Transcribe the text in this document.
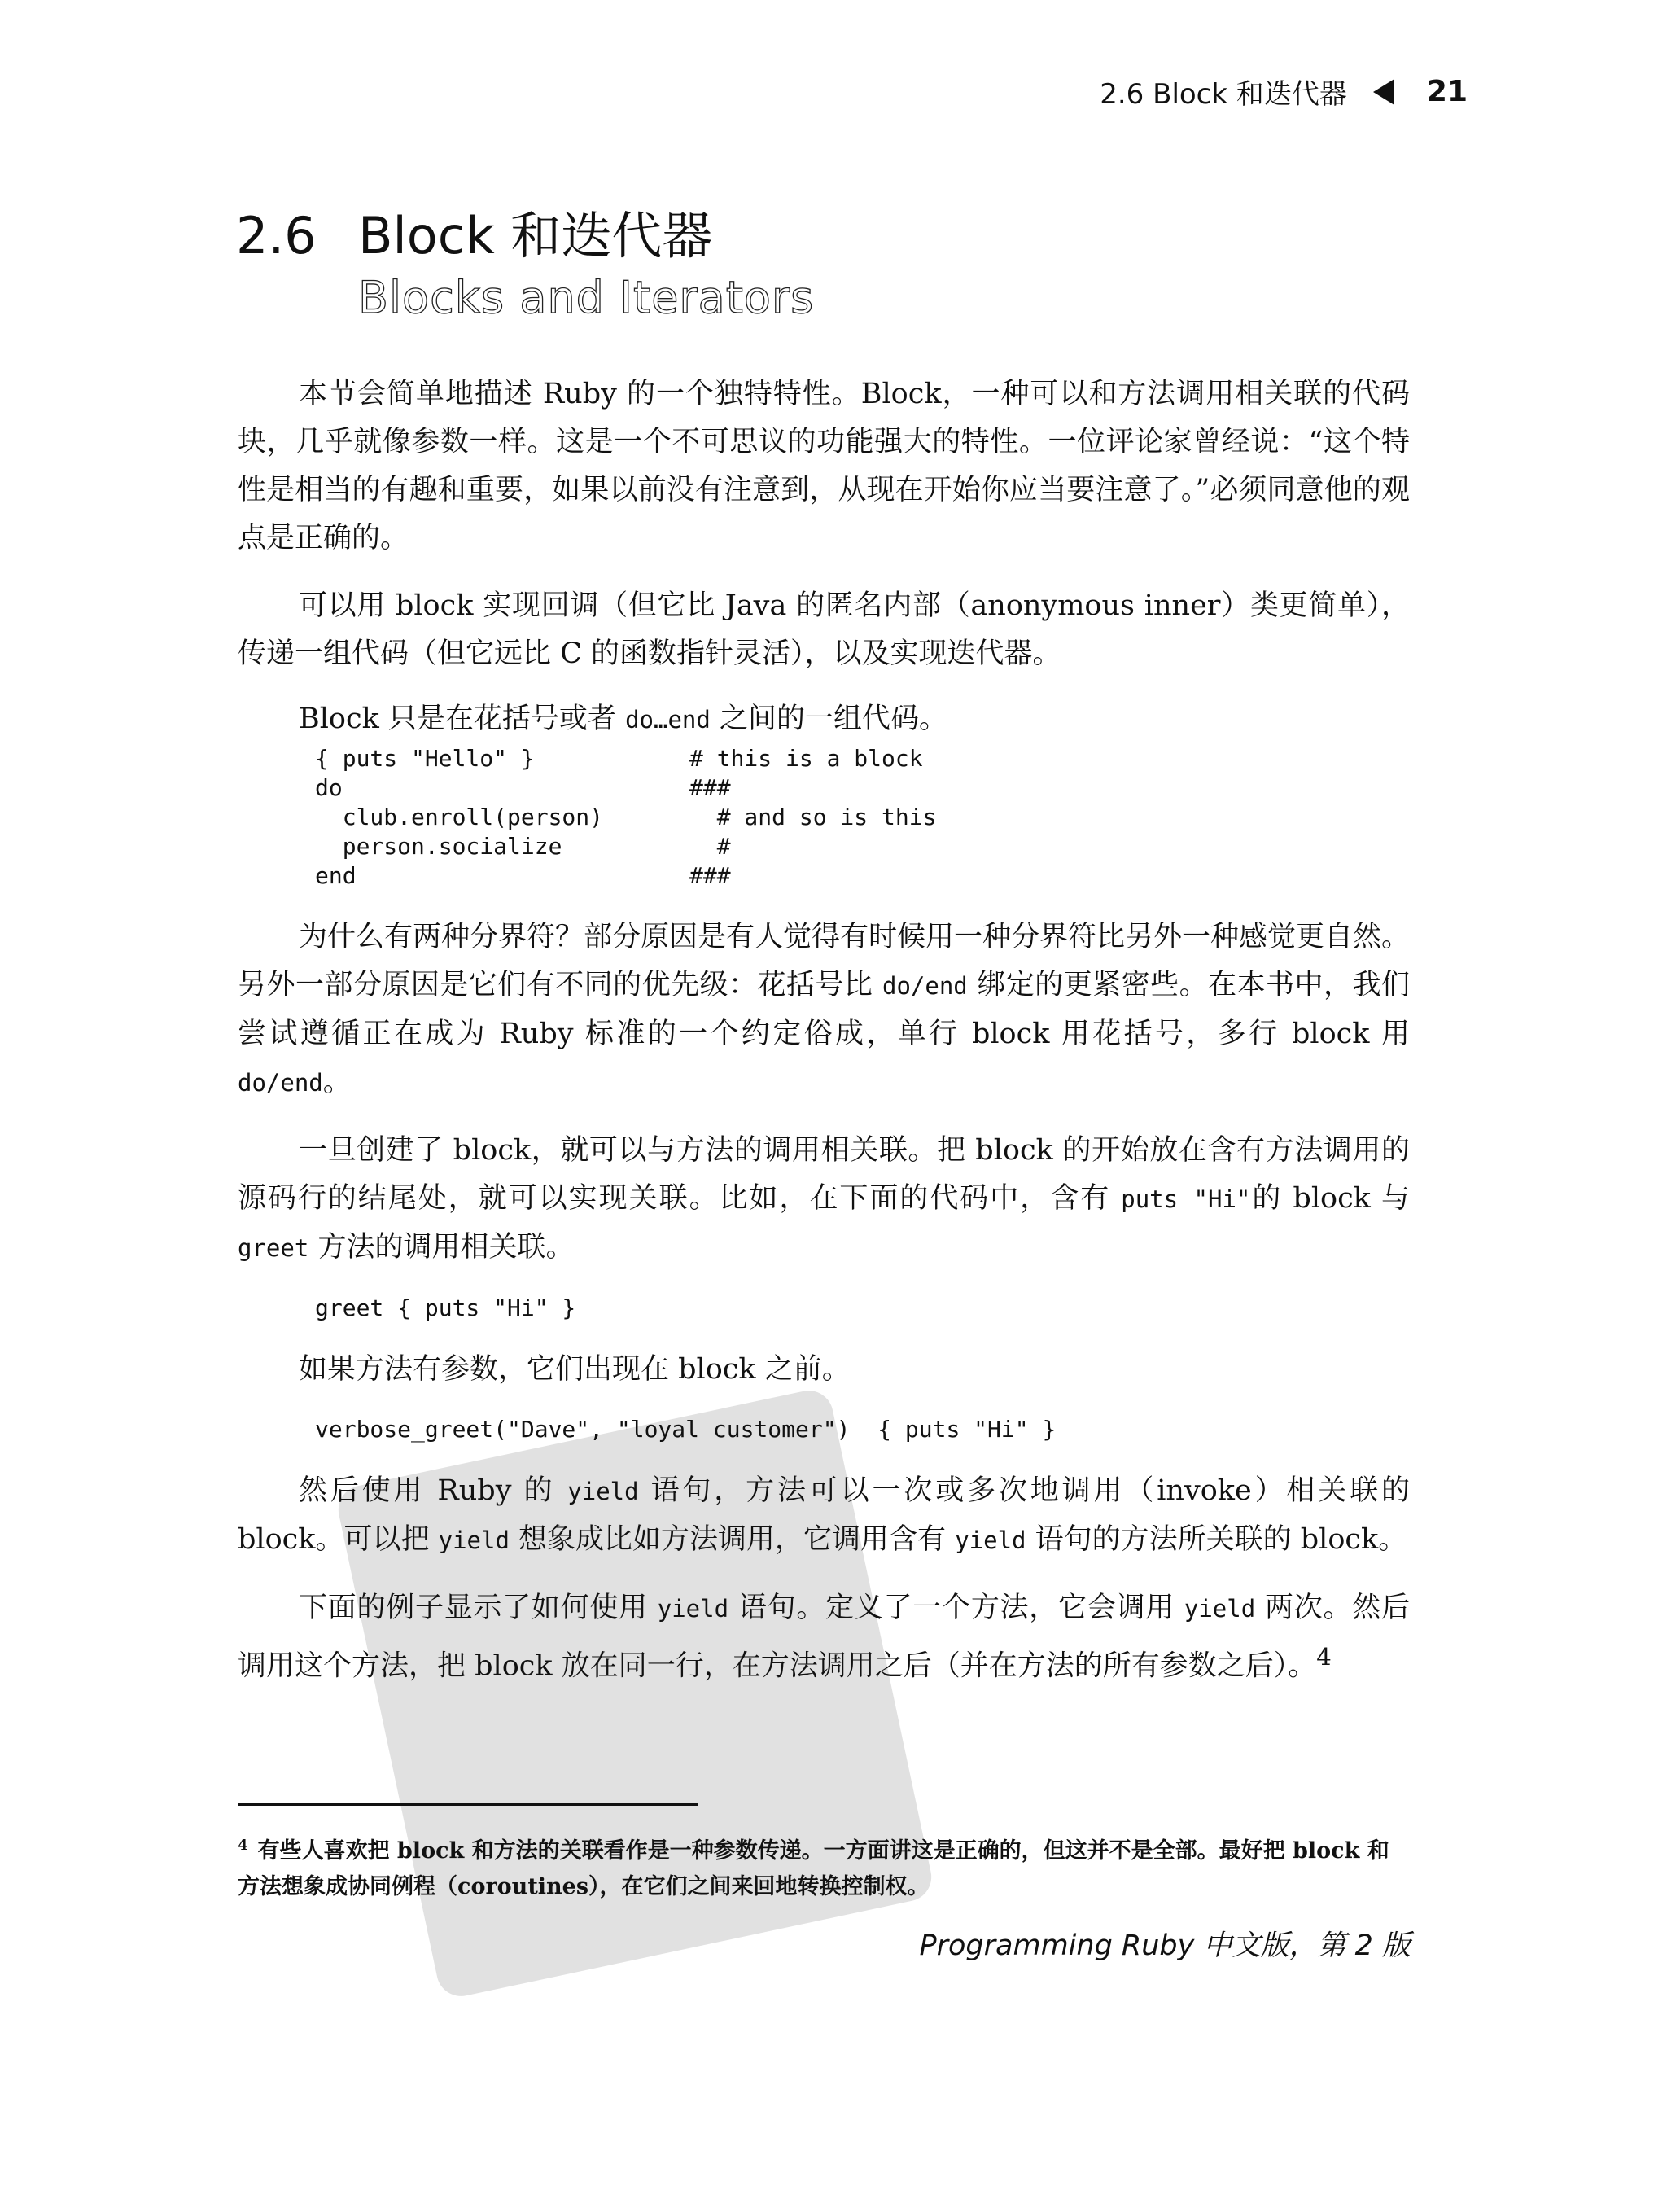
2.6 Block 和迭代器	21
2.6 Block 和迭代器
Blocks and Iterators

本节会简单地描述 Ruby 的一个独特特性。Block，一种可以和方法调用相关联的代码块，几乎就像参数一样。这是一个不可思议的功能强大的特性。一位评论家曾经说：“这个特性是相当的有趣和重要，如果以前没有注意到，从现在开始你应当要注意了。”必须同意他的观点是正确的。

可以用 block 实现回调（但它比 Java 的匿名内部（anonymous inner）类更简单），传递一组代码（但它远比 C 的函数指针灵活），以及实现迭代器。

Block 只是在花括号或者 do…end 之间的一组代码。
{ puts "Hello" }	# this is a block
do	###
club.enroll(person)	# and so is this
person.socialize	#
end	###

为什么有两种分界符？部分原因是有人觉得有时候用一种分界符比另外一种感觉更自然。另外一部分原因是它们有不同的优先级：花括号比 do/end 绑定的更紧密些。在本书中，我们尝试遵循正在成为 Ruby 标准的一个约定俗成，单行 block 用花括号，多行 block 用 do/end。

一旦创建了 block，就可以与方法的调用相关联。把 block 的开始放在含有方法调用的源码行的结尾处，就可以实现关联。比如，在下面的代码中，含有 puts "Hi"的 block 与 greet 方法的调用相关联。

greet { puts "Hi" }

如果方法有参数，它们出现在 block 之前。

verbose_greet("Dave", "loyal customer")  { puts "Hi" }

然后使用 Ruby 的 yield 语句，方法可以一次或多次地调用（invoke）相关联的 block。可以把 yield 想象成比如方法调用，它调用含有 yield 语句的方法所关联的 block。

下面的例子显示了如何使用 yield 语句。定义了一个方法，它会调用 yield 两次。然后调用这个方法，把 block 放在同一行，在方法调用之后（并在方法的所有参数之后）。$^4$

$^4$ 有些人喜欢把 block 和方法的关联看作是一种参数传递。一方面讲这是正确的，但这并不是全部。最好把 block 和方法想象成协同例程（coroutines），在它们之间来回地转换控制权。
Programming Ruby 中文版，第 2 版
